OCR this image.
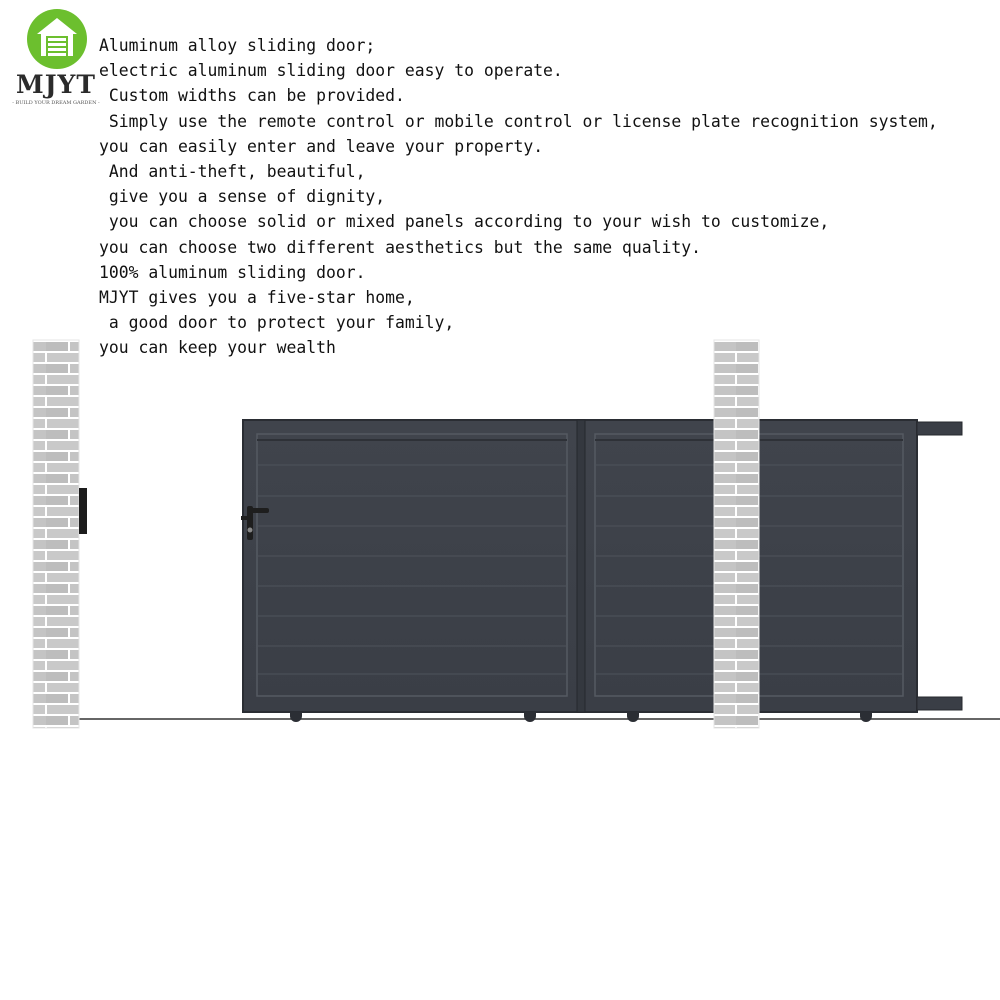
MJYT
- BUILD YOUR DREAM GARDEN -
Aluminum alloy sliding door;
electric aluminum sliding door easy to operate.
Custom widths can be provided.
Simply use the remote control or mobile control or license plate recognition system,
you can easily enter and leave your property.
And anti-theft, beautiful,
give you a sense of dignity,
you can choose solid or mixed panels according to your wish to customize,
you can choose two different aesthetics but the same quality.
100% aluminum sliding door.
MJYT gives you a five-star home,
a good door to protect your family,
you can keep your wealth
